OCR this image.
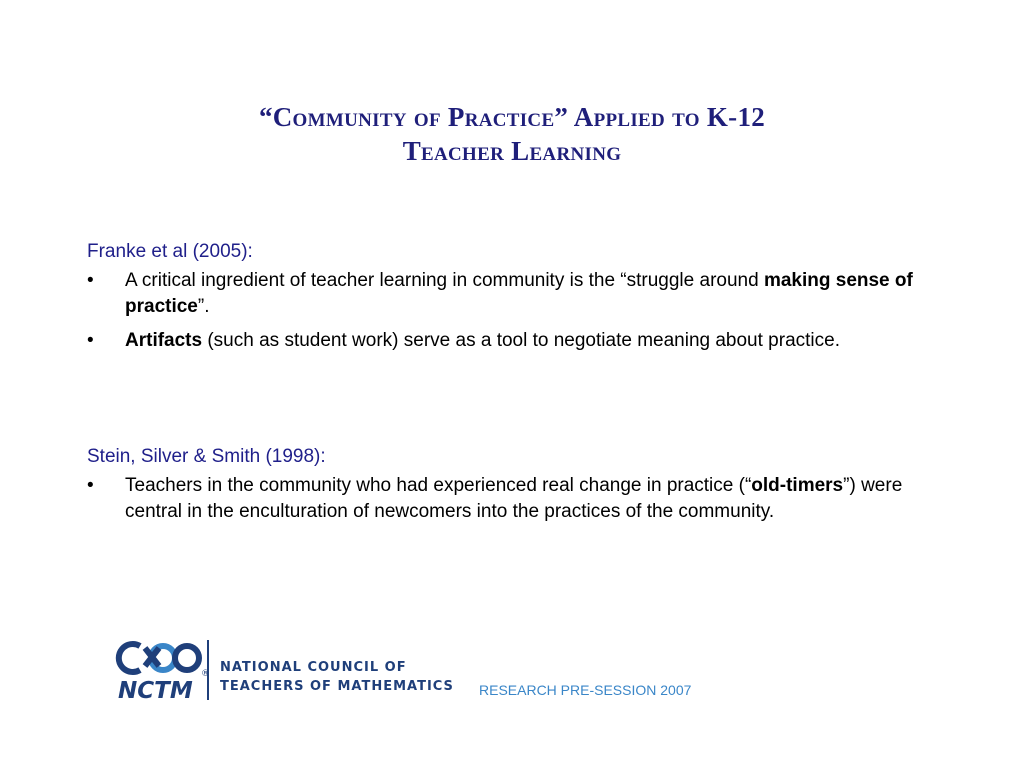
“Community of Practice” Applied to K-12
Teacher Learning
Franke et al (2005):
• A critical ingredient of teacher learning in community is the “struggle around making sense of practice”.
• Artifacts (such as student work) serve as a tool to negotiate meaning about practice.
Stein, Silver & Smith (1998):
• Teachers in the community who had experienced real change in practice (“old-timers”) were central in the enculturation of newcomers into the practices of the community.
NCTM
® NATIONAL COUNCIL OF
TEACHERS OF MATHEMATICS RESEARCH PRE-SESSION 2007
